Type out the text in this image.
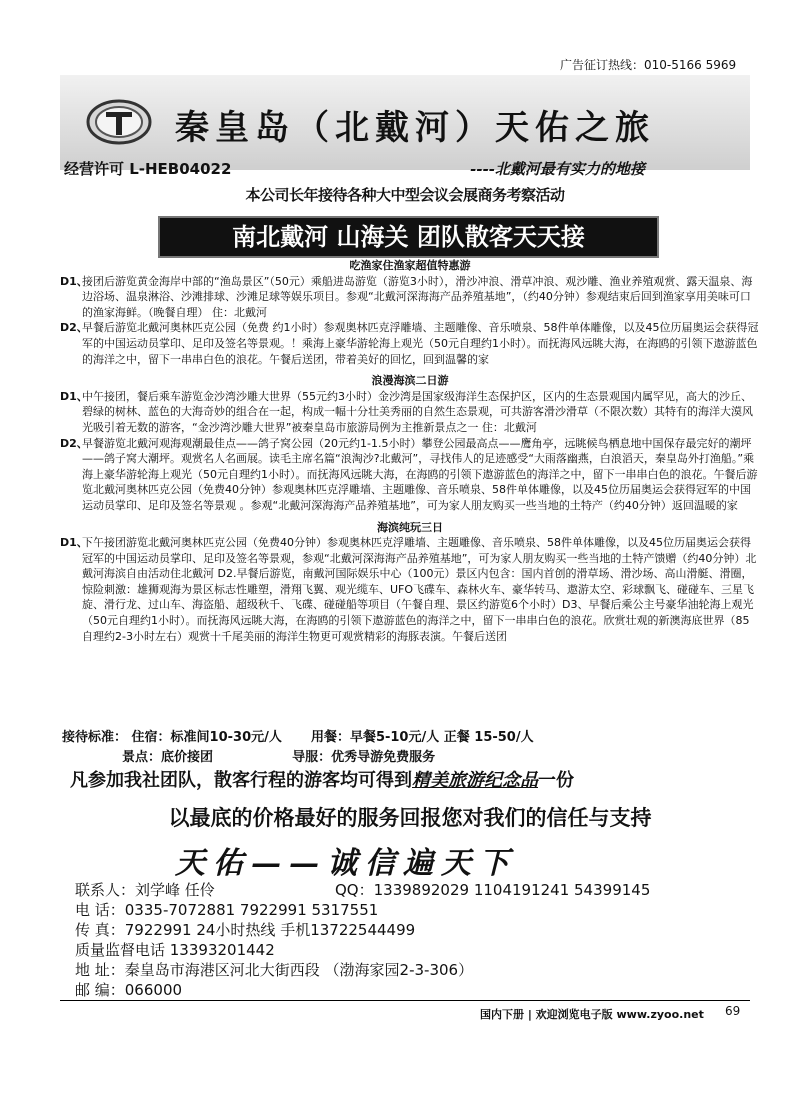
广告征订热线：010-5166 5969
秦皇岛（北戴河）天佑之旅
经营许可 L-HEB04022	----北戴河最有实力的地接
本公司长年接待各种大中型会议会展商务考察活动
南北戴河 山海关 团队散客天天接
吃渔家住渔家超值特惠游
D1、
接团后游览黄金海岸中部的“渔岛景区”（50元）乘船进岛游览（游览3小时），滑沙冲浪、滑草冲浪、观沙雕、渔业养殖观赏、露天温泉、海边浴场、温泉淋浴、沙滩排球、沙滩足球等娱乐项目。参观“北戴河深海海产品养殖基地”，（约40分钟）参观结束后回到渔家享用美味可口的渔家海鲜。（晚餐自理） 住：北戴河
D2、
早餐后游览北戴河奥林匹克公园（免费 约1小时）参观奥林匹克浮雕墙、主题雕像、音乐喷泉、58件单体雕像，以及45位历届奥运会获得冠军的中国运动员掌印、足印及签名等景观。！乘海上豪华游轮海上观光（50元自理约1小时）。而抚海风远眺大海，在海鸥的引领下遨游蓝色的海洋之中，留下一串串白色的浪花。午餐后送团，带着美好的回忆，回到温馨的家
浪漫海滨二日游
D1、
中午接团，餐后乘车游览金沙湾沙雕大世界（55元约3小时）金沙湾是国家级海洋生态保护区，区内的生态景观国内属罕见，高大的沙丘、碧绿的树林、蓝色的大海奇妙的组合在一起，构成一幅十分壮美秀丽的自然生态景观，可共游客滑沙滑草（不限次数）其特有的海洋大漠风光吸引着无数的游客，“金沙湾沙雕大世界”被秦皇岛市旅游局例为主推新景点之一 住：北戴河
D2、
早餐游览北戴河观海观潮最佳点——鸽子窝公园（20元约1-1.5小时）攀登公园最高点——鹰角亭，远眺候鸟栖息地中国保存最完好的潮坪——鸽子窝大潮坪。观赏名人名画展。读毛主席名篇“浪淘沙?北戴河”，寻找伟人的足迹感受“大雨落幽燕，白浪滔天，秦皇岛外打渔船。”乘海上豪华游轮海上观光（50元自理约1小时）。而抚海风远眺大海，在海鸥的引领下遨游蓝色的海洋之中，留下一串串白色的浪花。午餐后游览北戴河奥林匹克公园（免费40分钟）参观奥林匹克浮雕墙、主题雕像、音乐喷泉、58件单体雕像，以及45位历届奥运会获得冠军的中国运动员掌印、足印及签名等景观 。参观“北戴河深海海产品养殖基地”，可为家人朋友购买一些当地的土特产（约40分钟）返回温暖的家
海滨纯玩三日
D1、
下午接团游览北戴河奥林匹克公园（免费40分钟）参观奥林匹克浮雕墙、主题雕像、音乐喷泉、58件单体雕像，以及45位历届奥运会获得冠军的中国运动员掌印、足印及签名等景观，参观“北戴河深海海产品养殖基地”，可为家人朋友购买一些当地的土特产馈赠（约40分钟）北戴河海滨自由活动住北戴河 D2.早餐后游览，南戴河国际娱乐中心（100元）景区内包含：国内首创的滑草场、滑沙场、高山滑艇、滑圈，惊险刺激：雄狮观海为景区标志性雕塑，滑翔飞翼、观光缆车、UFO飞碟车、森林火车、豪华转马、遨游太空、彩球飘飞、碰碰车、三星飞旋、滑行龙、过山车、海盗船、超级秋千、飞碟、碰碰船等项目（午餐自理、景区约游览6个小时）D3、早餐后乘公主号豪华油轮海上观光（50元自理约1小时）。而抚海风远眺大海，在海鸥的引领下遨游蓝色的海洋之中，留下一串串白色的浪花。欣赏壮观的新澳海底世界（85自理约2-3小时左右）观赏十千尾美丽的海洋生物更可观赏精彩的海豚表演。午餐后送团
接待标准： 住宿：标准间10-30元/人 用餐：早餐5-10元/人 正餐 15-50/人
景点：底价接团	导服：优秀导游免费服务
凡参加我社团队，散客行程的游客均可得到精美旅游纪念品一份
以最底的价格最好的服务回报您对我们的信任与支持
天佑——诚信遍天下
联系人：刘学峰 任伶	QQ：1339892029 1104191241 54399145
电 话：0335-7072881 7922991 5317551
传 真：7922991 24小时热线 手机13722544499
质量监督电话 13393201442
地 址：秦皇岛市海港区河北大街西段 （渤海家园2-3-306）
邮 编：066000
国内下册 | 欢迎浏览电子版 www.zyoo.net 69
